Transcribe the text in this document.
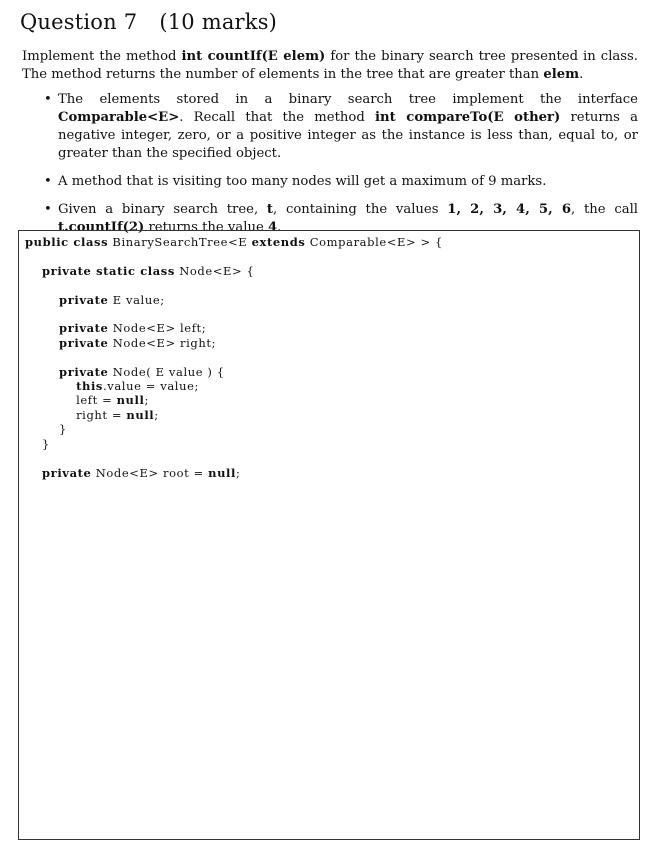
Question 7 (10 marks)
Implement the method int countIf(E elem) for the binary search tree presented in class. The method returns the number of elements in the tree that are greater than elem.
• The elements stored in a binary search tree implement the interface Comparable<E>. Recall that the method int compareTo(E other) returns a negative integer, zero, or a positive integer as the instance is less than, equal to, or greater than the specified object.
• A method that is visiting too many nodes will get a maximum of 9 marks.
• Given a binary search tree, t, containing the values 1, 2, 3, 4, 5, 6, the call t.countIf(2) returns the value 4.
public class BinarySearchTree<E extends Comparable<E> > {

private static class Node<E> {

private E value;

private Node<E> left;
private Node<E> right;

private Node( E value ) {
this.value = value;
left = null;
right = null;
}
}

private Node<E> root = null;
